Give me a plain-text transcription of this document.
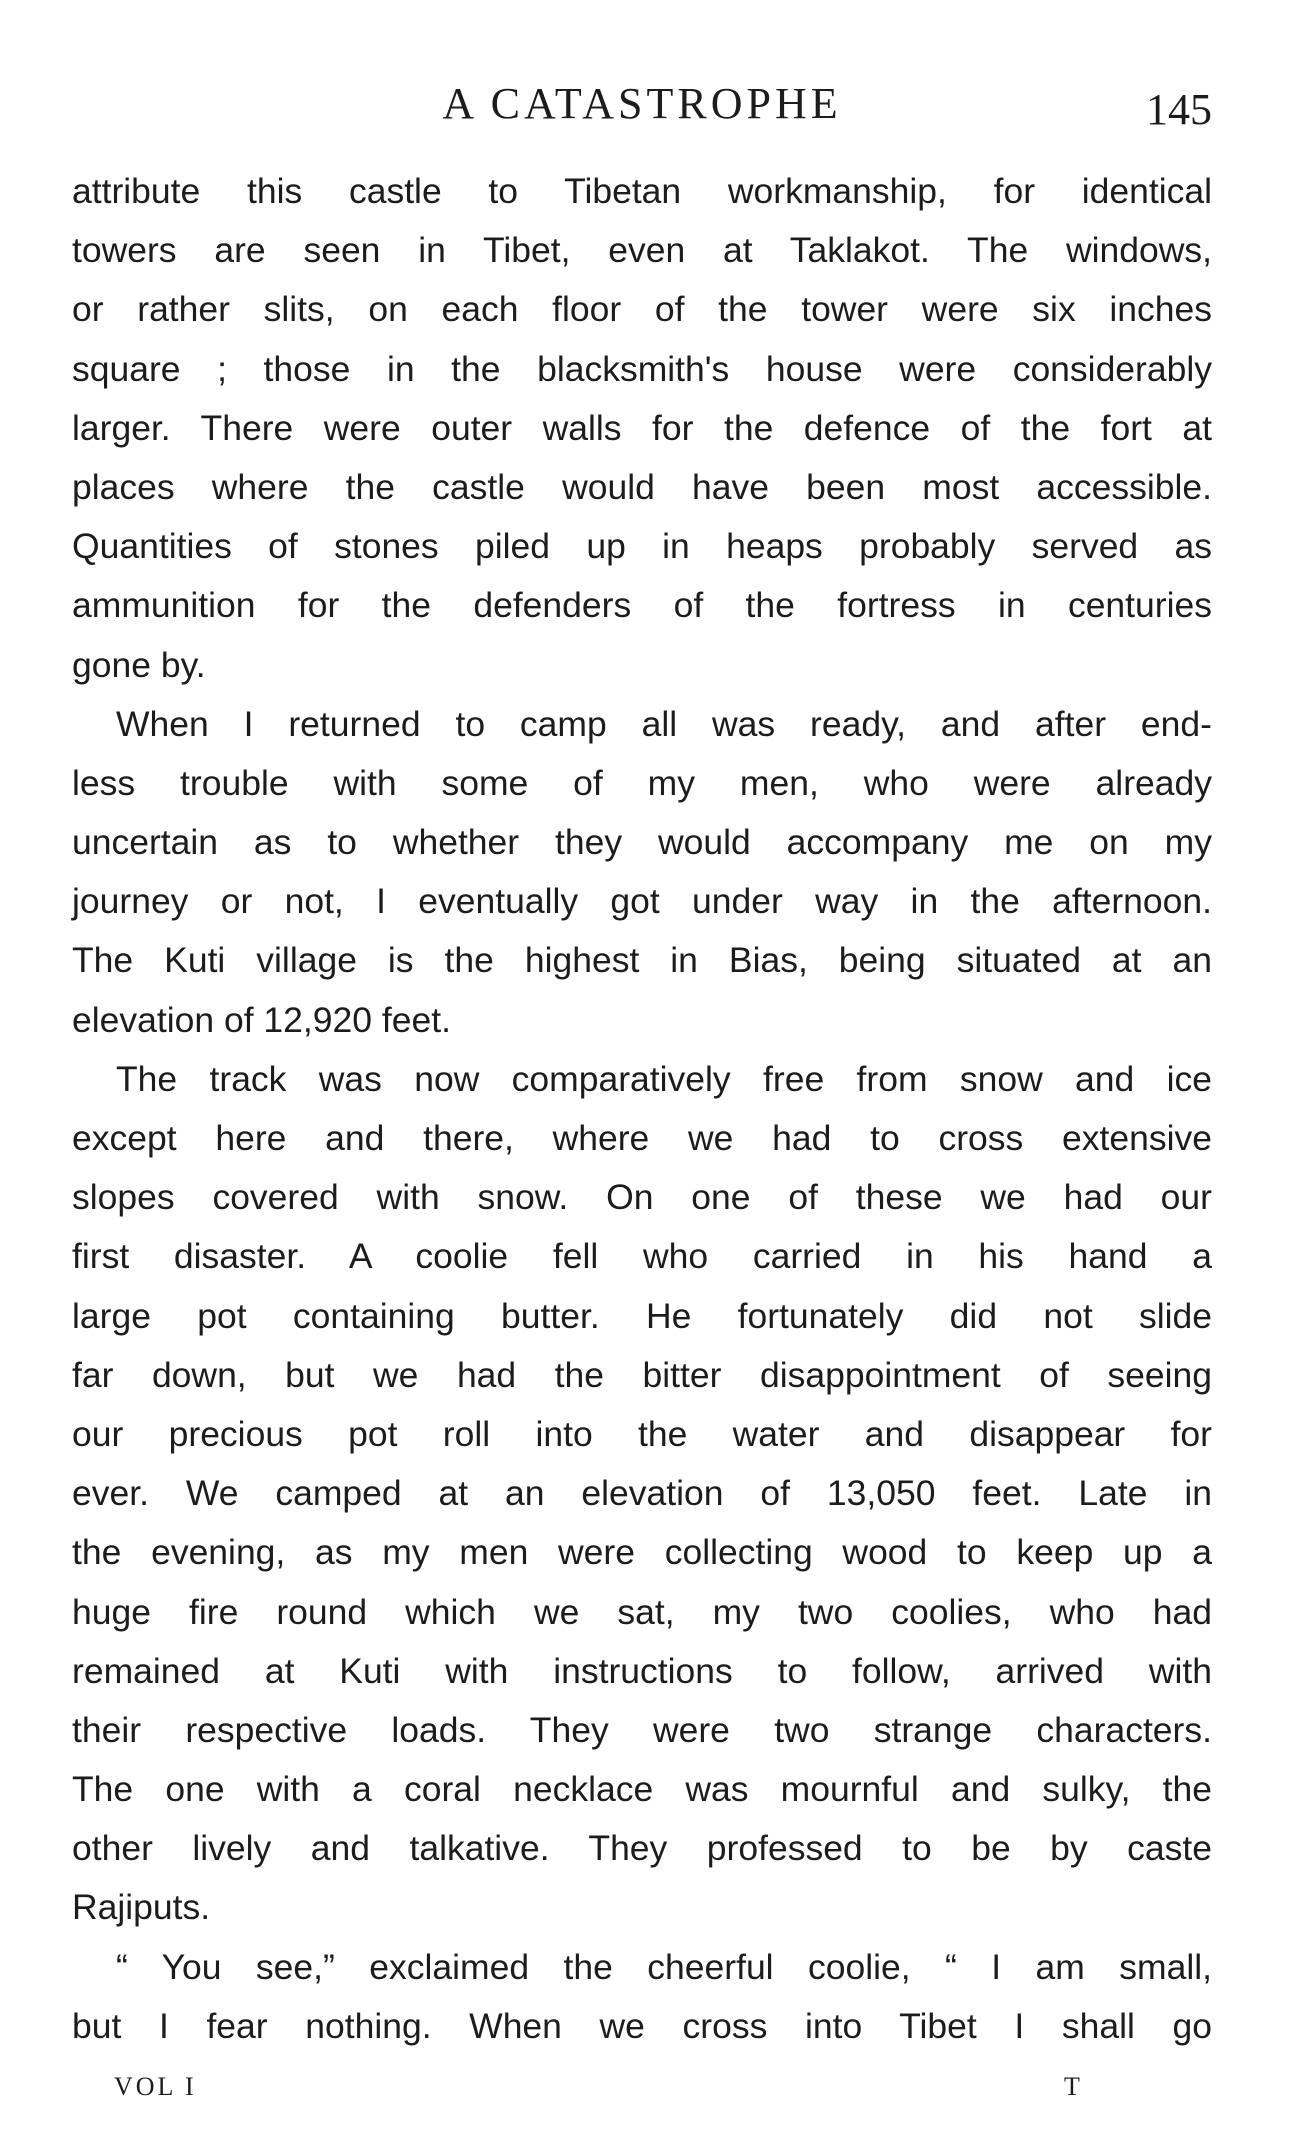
A CATASTROPHE	145
attribute this castle to Tibetan workmanship, for identical
towers are seen in Tibet, even at Taklakot. The windows,
or rather slits, on each floor of the tower were six inches
square ; those in the blacksmith's house were considerably
larger. There were outer walls for the defence of the fort at
places where the castle would have been most accessible.
Quantities of stones piled up in heaps probably served as
ammunition for the defenders of the fortress in centuries
gone by.
When I returned to camp all was ready, and after end-
less trouble with some of my men, who were already
uncertain as to whether they would accompany me on my
journey or not, I eventually got under way in the afternoon.
The Kuti village is the highest in Bias, being situated at an
elevation of 12,920 feet.
The track was now comparatively free from snow and ice
except here and there, where we had to cross extensive
slopes covered with snow. On one of these we had our
first disaster. A coolie fell who carried in his hand a
large pot containing butter. He fortunately did not slide
far down, but we had the bitter disappointment of seeing
our precious pot roll into the water and disappear for
ever. We camped at an elevation of 13,050 feet. Late in
the evening, as my men were collecting wood to keep up a
huge fire round which we sat, my two coolies, who had
remained at Kuti with instructions to follow, arrived with
their respective loads. They were two strange characters.
The one with a coral necklace was mournful and sulky, the
other lively and talkative. They professed to be by caste
Rajiputs.
“ You see,” exclaimed the cheerful coolie, “ I am small,
but I fear nothing. When we cross into Tibet I shall go
VOL I	T
